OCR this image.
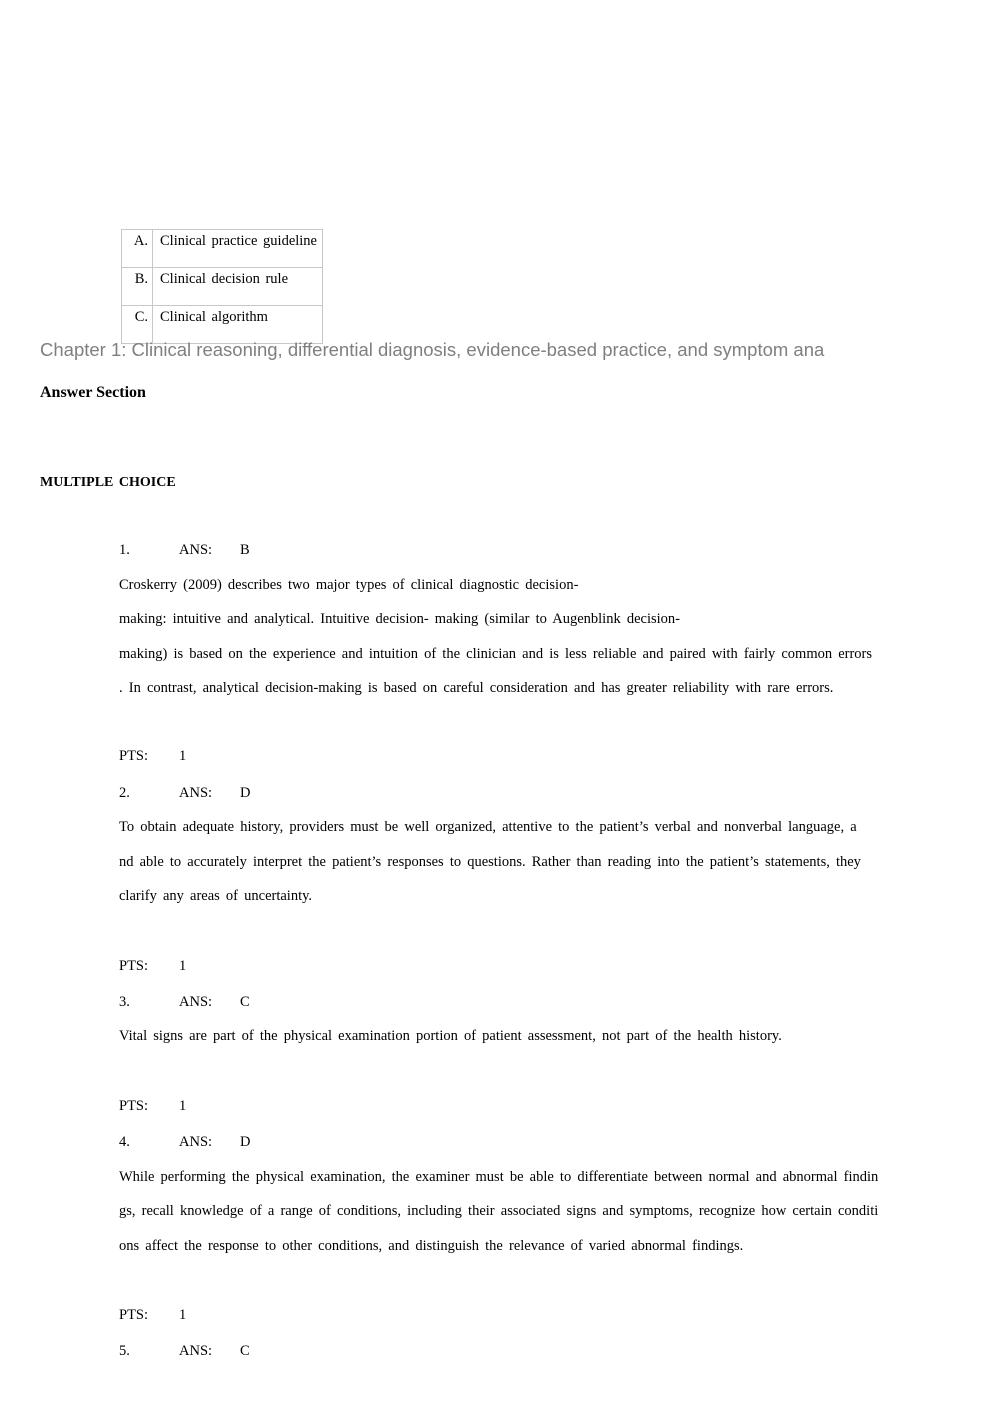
A.	Clinical practice guideline
B.	Clinical decision rule
C.	Clinical algorithm
Chapter 1: Clinical reasoning, differential diagnosis, evidence-based practice, and symptom ana
Answer Section
MULTIPLE CHOICE
1.	ANS: B
Croskerry (2009) describes two major types of clinical diagnostic decision-
making: intuitive and analytical. Intuitive decision- making (similar to Augenblink decision-
making) is based on the experience and intuition of the clinician and is less reliable and paired with fairly common errors
. In contrast, analytical decision-making is based on careful consideration and has greater reliability with rare errors.
PTS: 1
2.	ANS: D
To obtain adequate history, providers must be well organized, attentive to the patient’s verbal and nonverbal language, a
nd able to accurately interpret the patient’s responses to questions. Rather than reading into the patient’s statements, they
clarify any areas of uncertainty.
PTS: 1
3.	ANS: C
Vital signs are part of the physical examination portion of patient assessment, not part of the health history.
PTS: 1
4.	ANS: D
While performing the physical examination, the examiner must be able to differentiate between normal and abnormal findin
gs, recall knowledge of a range of conditions, including their associated signs and symptoms, recognize how certain conditi
ons affect the response to other conditions, and distinguish the relevance of varied abnormal findings.
PTS: 1
5.	ANS: C
